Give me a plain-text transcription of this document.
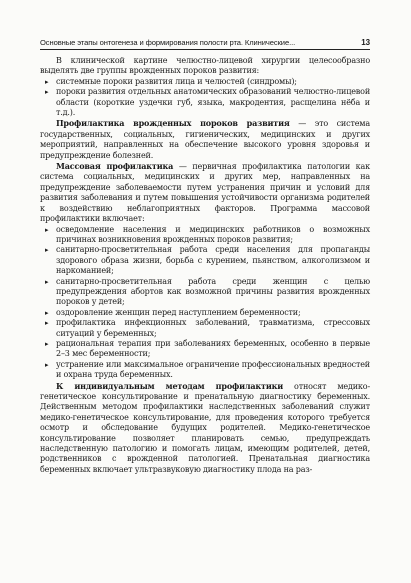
Основные этапы онтогенеза и формирования полости рта. Клинические...	13

В клинической картине челюстно-лицевой хирургии целесообразно выделять две группы врожденных пороков развития:

▸ системные пороки развития лица и челюстей (синдромы);
▸ пороки развития отдельных анатомических образований челюстно-лицевой области (короткие уздечки губ, языка, макродентия, расщелина нёба и т.д.).

Профилактика врожденных пороков развития — это система государственных, социальных, гигиенических, медицинских и других мероприятий, направленных на обеспечение высокого уровня здоровья и предупреждение болезней.

Массовая профилактика — первичная профилактика патологии как система социальных, медицинских и других мер, направленных на предупреждение заболеваемости путем устранения причин и условий для развития заболевания и путем повышения устойчивости организма родителей к воздействию неблагоприятных факторов. Программа массовой профилактики включает:

▸ осведомление населения и медицинских работников о возможных причинах возникновения врожденных пороков развития;
▸ санитарно-просветительная работа среди населения для пропаганды здорового образа жизни, борьба с курением, пьянством, алкоголизмом и наркоманией;
▸ санитарно-просветительная работа среди женщин с целью предупреждения абортов как возможной причины развития врожденных пороков у детей;
▸ оздоровление женщин перед наступлением беременности;
▸ профилактика инфекционных заболеваний, травматизма, стрессовых ситуаций у беременных;
▸ рациональная терапия при заболеваниях беременных, особенно в первые 2–3 мес беременности;
▸ устранение или максимальное ограничение профессиональных вредностей и охрана труда беременных.

К индивидуальным методам профилактики относят медико-генетическое консультирование и пренатальную диагностику беременных. Действенным методом профилактики наследственных заболеваний служит медико-генетическое консультирование, для проведения которого требуется осмотр и обследование будущих родителей. Медико-генетическое консультирование позволяет планировать семью, предупреждать наследственную патологию и помогать лицам, имеющим родителей, детей, родственников с врожденной патологией. Пренатальная диагностика беременных включает ультразвуковую диагностику плода на раз-
